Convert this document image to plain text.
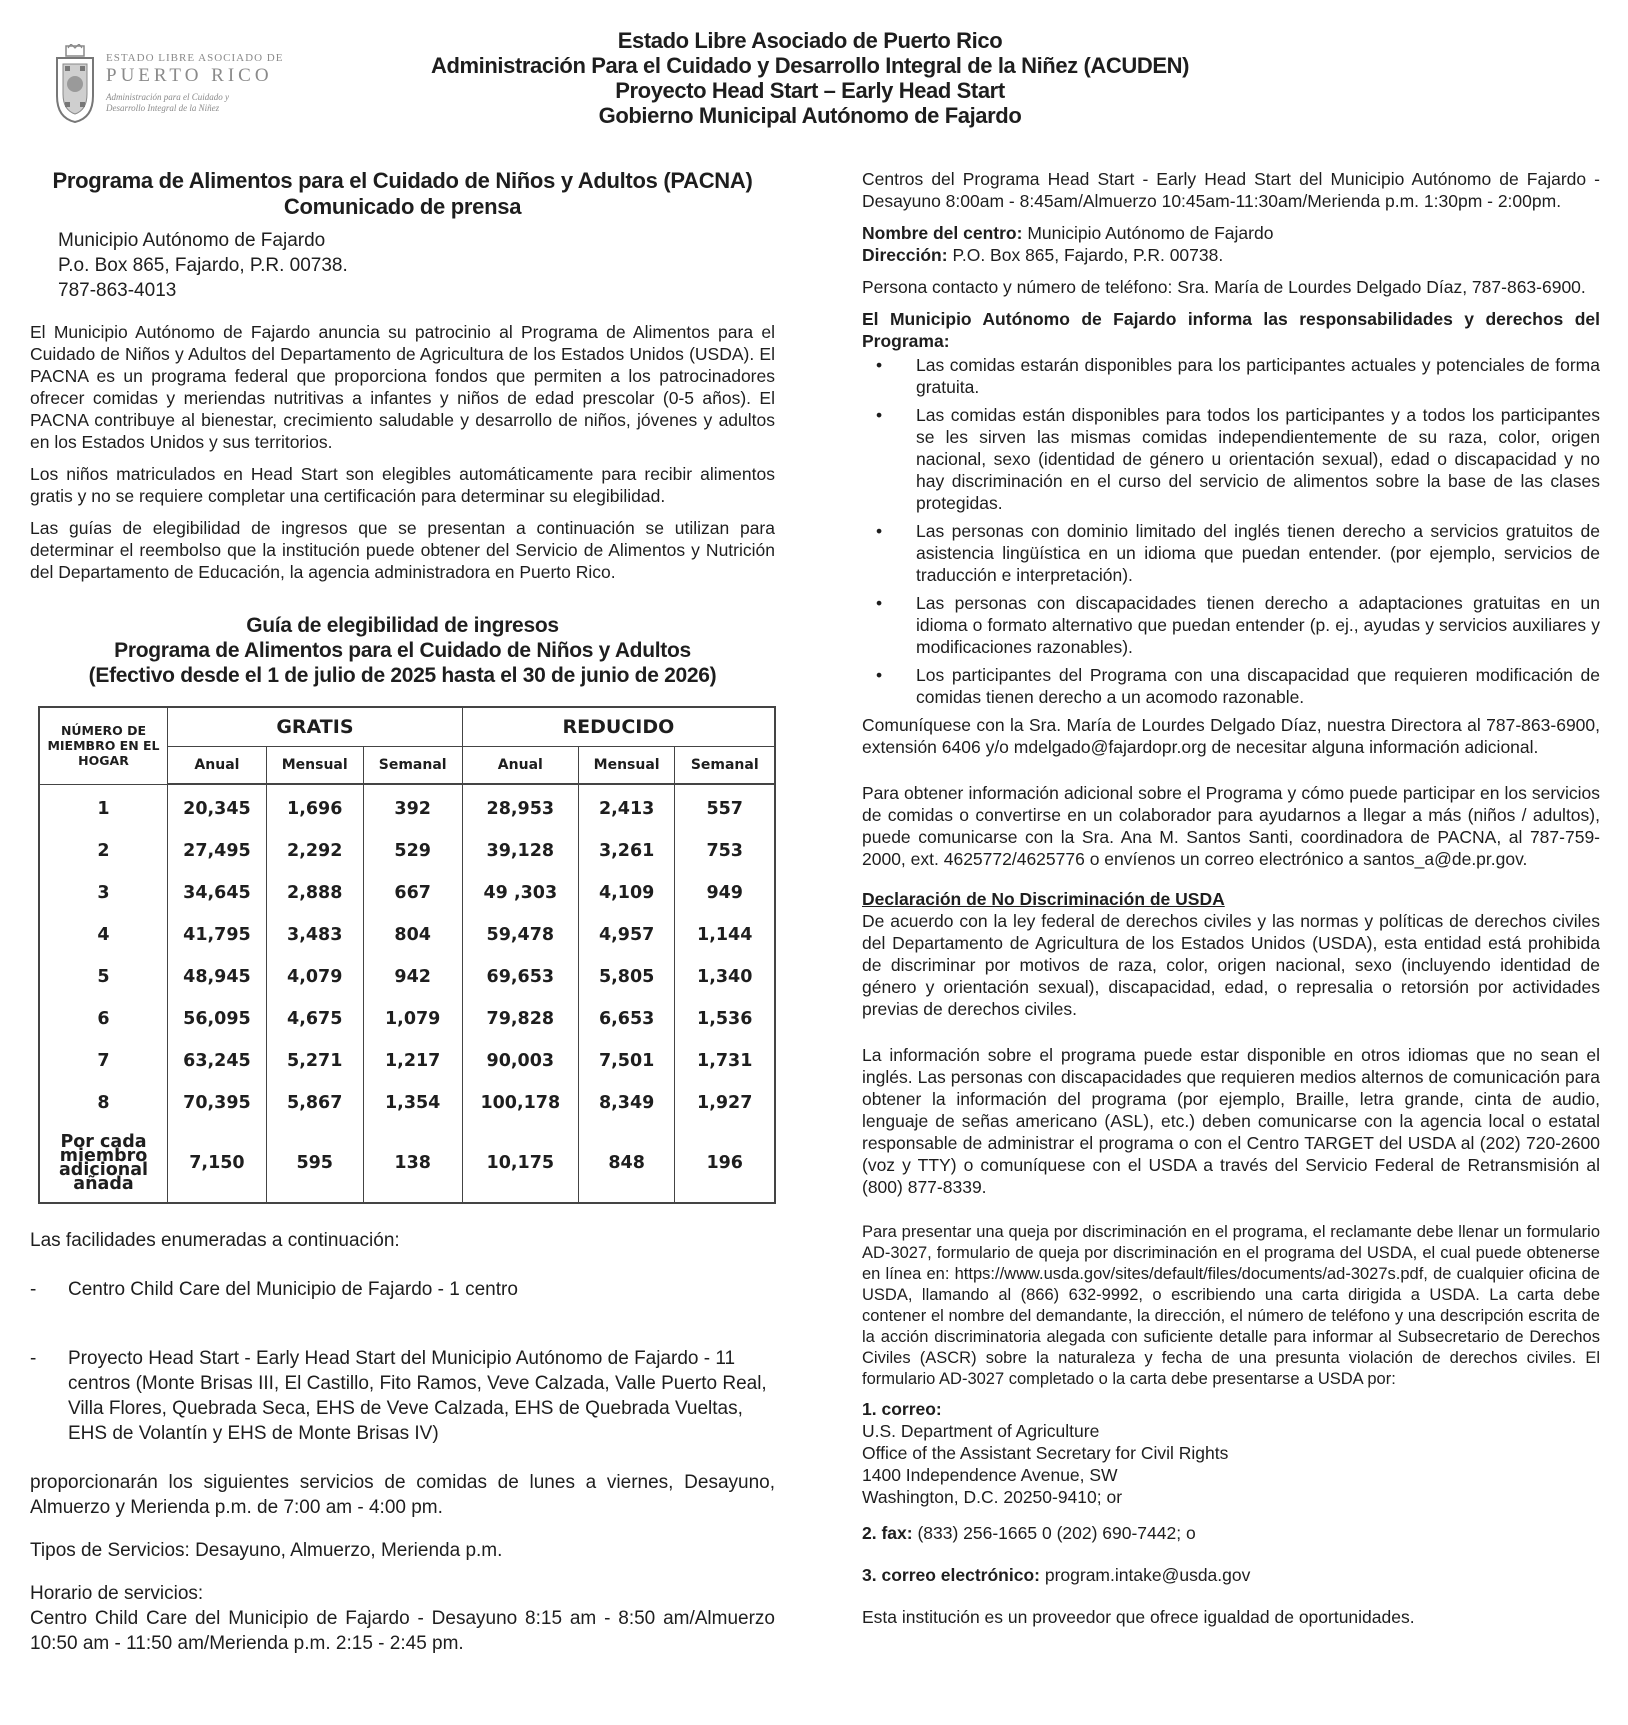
ESTADO LIBRE ASOCIADO DE
PUERTO RICO
Administración para el Cuidado y
Desarrollo Integral de la Niñez
Estado Libre Asociado de Puerto Rico
Administración Para el Cuidado y Desarrollo Integral de la Niñez (ACUDEN)
Proyecto Head Start – Early Head Start
Gobierno Municipal Autónomo de Fajardo
Programa de Alimentos para el Cuidado de Niños y Adultos (PACNA)
Comunicado de prensa
Municipio Autónomo de Fajardo
P.o. Box 865, Fajardo, P.R. 00738.
787-863-4013

El Municipio Autónomo de Fajardo anuncia su patrocinio al Programa de Alimentos para el Cuidado de Niños y Adultos del Departamento de Agricultura de los Estados Unidos (USDA). El PACNA es un programa federal que proporciona fondos que permiten a los patrocinadores ofrecer comidas y meriendas nutritivas a infantes y niños de edad prescolar (0-5 años). El PACNA contribuye al bienestar, crecimiento saludable y desarrollo de niños, jóvenes y adultos en los Estados Unidos y sus territorios.

Los niños matriculados en Head Start son elegibles automáticamente para recibir alimentos gratis y no se requiere completar una certificación para determinar su elegibilidad.

Las guías de elegibilidad de ingresos que se presentan a continuación se utilizan para determinar el reembolso que la institución puede obtener del Servicio de Alimentos y Nutrición del Departamento de Educación, la agencia administradora en Puerto Rico.

Guía de elegibilidad de ingresos
Programa de Alimentos para el Cuidado de Niños y Adultos
(Efectivo desde el 1 de julio de 2025 hasta el 30 de junio de 2026)
NÚMERO DE MIEMBRO EN EL HOGAR	GRATIS			REDUCIDO		
	Anual	Mensual	Semanal	Anual	Mensual	Semanal
1	20,345	1,696	392	28,953	2,413	557
2	27,495	2,292	529	39,128	3,261	753
3	34,645	2,888	667	49 ,303	4,109	949
4	41,795	3,483	804	59,478	4,957	1,144
5	48,945	4,079	942	69,653	5,805	1,340
6	56,095	4,675	1,079	79,828	6,653	1,536
7	63,245	5,271	1,217	90,003	7,501	1,731
8	70,395	5,867	1,354	100,178	8,349	1,927
Por cada miembro adicional añada	7,150	595	138	10,175	848	196
Las facilidades enumeradas a continuación:
- Centro Child Care del Municipio de Fajardo - 1 centro
- Proyecto Head Start - Early Head Start del Municipio Autónomo de Fajardo - 11 centros (Monte Brisas III, El Castillo, Fito Ramos, Veve Calzada, Valle Puerto Real, Villa Flores, Quebrada Seca, EHS de Veve Calzada, EHS de Quebrada Vueltas, EHS de Volantín y EHS de Monte Brisas IV)
proporcionarán los siguientes servicios de comidas de lunes a viernes, Desayuno, Almuerzo y Merienda p.m. de 7:00 am - 4:00 pm.
Tipos de Servicios: Desayuno, Almuerzo, Merienda p.m.
Horario de servicios:
Centro Child Care del Municipio de Fajardo - Desayuno 8:15 am - 8:50 am/Almuerzo 10:50 am - 11:50 am/Merienda p.m. 2:15 - 2:45 pm.

Centros del Programa Head Start - Early Head Start del Municipio Autónomo de Fajardo - Desayuno 8:00am - 8:45am/Almuerzo 10:45am-11:30am/Merienda p.m. 1:30pm - 2:00pm.

Nombre del centro: Municipio Autónomo de Fajardo
Dirección: P.O. Box 865, Fajardo, P.R. 00738.

Persona contacto y número de teléfono: Sra. María de Lourdes Delgado Díaz, 787-863-6900.

El Municipio Autónomo de Fajardo informa las responsabilidades y derechos del Programa:

• Las comidas estarán disponibles para los participantes actuales y potenciales de forma gratuita.
• Las comidas están disponibles para todos los participantes y a todos los participantes se les sirven las mismas comidas independientemente de su raza, color, origen nacional, sexo (identidad de género u orientación sexual), edad o discapacidad y no hay discriminación en el curso del servicio de alimentos sobre la base de las clases protegidas.
• Las personas con dominio limitado del inglés tienen derecho a servicios gratuitos de asistencia lingüística en un idioma que puedan entender. (por ejemplo, servicios de traducción e interpretación).
• Las personas con discapacidades tienen derecho a adaptaciones gratuitas en un idioma o formato alternativo que puedan entender (p. ej., ayudas y servicios auxiliares y modificaciones razonables).
• Los participantes del Programa con una discapacidad que requieren modificación de comidas tienen derecho a un acomodo razonable.

Comuníquese con la Sra. María de Lourdes Delgado Díaz, nuestra Directora al 787-863-6900, extensión 6406 y/o mdelgado@fajardopr.org de necesitar alguna información adicional.

Para obtener información adicional sobre el Programa y cómo puede participar en los servicios de comidas o convertirse en un colaborador para ayudarnos a llegar a más (niños / adultos), puede comunicarse con la Sra. Ana M. Santos Santi, coordinadora de PACNA, al 787-759-2000, ext. 4625772/4625776 o envíenos un correo electrónico a santos_a@de.pr.gov.

Declaración de No Discriminación de USDA

De acuerdo con la ley federal de derechos civiles y las normas y políticas de derechos civiles del Departamento de Agricultura de los Estados Unidos (USDA), esta entidad está prohibida de discriminar por motivos de raza, color, origen nacional, sexo (incluyendo identidad de género y orientación sexual), discapacidad, edad, o represalia o retorsión por actividades previas de derechos civiles.

La información sobre el programa puede estar disponible en otros idiomas que no sean el inglés. Las personas con discapacidades que requieren medios alternos de comunicación para obtener la información del programa (por ejemplo, Braille, letra grande, cinta de audio, lenguaje de señas americano (ASL), etc.) deben comunicarse con la agencia local o estatal responsable de administrar el programa o con el Centro TARGET del USDA al (202) 720-2600 (voz y TTY) o comuníquese con el USDA a través del Servicio Federal de Retransmisión al (800) 877-8339.

Para presentar una queja por discriminación en el programa, el reclamante debe llenar un formulario AD-3027, formulario de queja por discriminación en el programa del USDA, el cual puede obtenerse en línea en: https://www.usda.gov/sites/default/files/documents/ad-3027s.pdf, de cualquier oficina de USDA, llamando al (866) 632-9992, o escribiendo una carta dirigida a USDA. La carta debe contener el nombre del demandante, la dirección, el número de teléfono y una descripción escrita de la acción discriminatoria alegada con suficiente detalle para informar al Subsecretario de Derechos Civiles (ASCR) sobre la naturaleza y fecha de una presunta violación de derechos civiles. El formulario AD-3027 completado o la carta debe presentarse a USDA por:

1. correo:
U.S. Department of Agriculture
Office of the Assistant Secretary for Civil Rights
1400 Independence Avenue, SW
Washington, D.C. 20250-9410; or
2. fax: (833) 256-1665 0 (202) 690-7442; o
3. correo electrónico: program.intake@usda.gov
Esta institución es un proveedor que ofrece igualdad de oportunidades.
